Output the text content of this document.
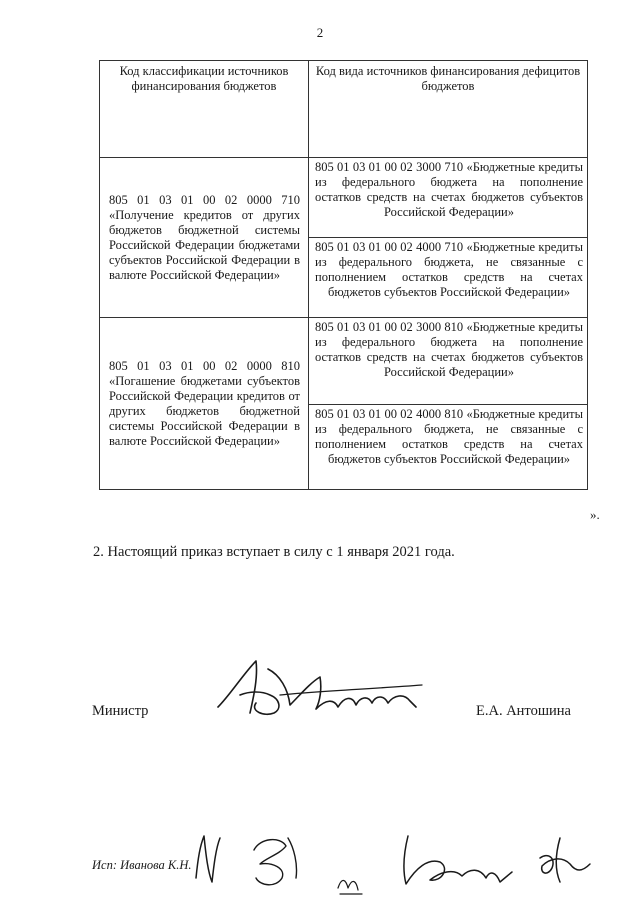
2
Код классификации источников финансирования бюджетов	Код вида источников финансирования дефицитов бюджетов

805 01 03 01 00 02 0000 710 «Получение кредитов от других бюджетов бюджетной системы Российской Федерации бюджетами субъектов Российской Федерации в валюте Российской Федерации»	805 01 03 01 00 02 3000 710 «Бюджетные кредиты из федерального бюджета на пополнение остатков средств на счетах бюджетов субъектов Российской Федерации»

	805 01 03 01 00 02 4000 710 «Бюджетные кредиты из федерального бюджета, не связанные с пополнением остатков средств на счетах бюджетов субъектов Российской Федерации»

805 01 03 01 00 02 0000 810 «Погашение бюджетами субъектов Российской Федерации кредитов от других бюджетов бюджетной системы Российской Федерации в валюте Российской Федерации»	805 01 03 01 00 02 3000 810 «Бюджетные кредиты из федерального бюджета на пополнение остатков средств на счетах бюджетов субъектов Российской Федерации»

	805 01 03 01 00 02 4000 810 «Бюджетные кредиты из федерального бюджета, не связанные с пополнением остатков средств на счетах бюджетов субъектов Российской Федерации»
».
2. Настоящий приказ вступает в силу с 1 января 2021 года.
Министр	Е.А. Антошина
Исп: Иванова К.Н.
